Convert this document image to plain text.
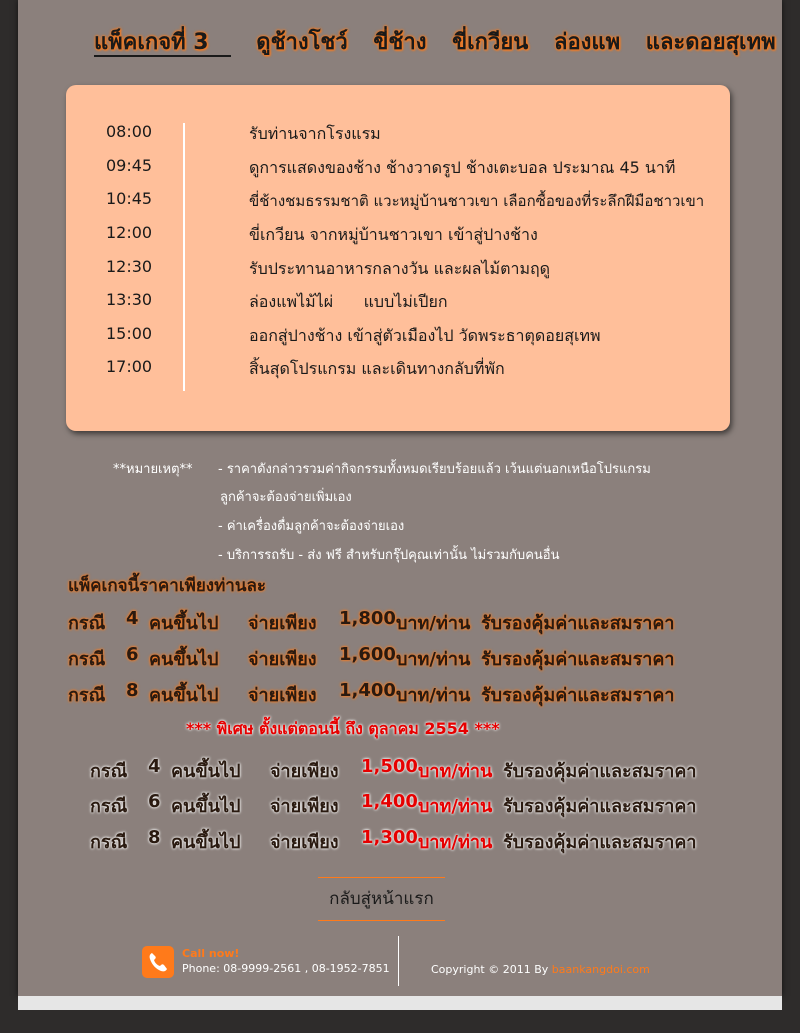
แพ็คเกจที่ 3 ดูช้างโชว์ ขี่ช้าง ขี่เกวียน ล่องแพ และดอยสุเทพ
08:00	รับท่านจากโรงแรม
09:45	ดูการแสดงของช้าง ช้างวาดรูป ช้างเตะบอล ประมาณ 45 นาที
10:45	ขี่ช้างชมธรรมชาติ แวะหมู่บ้านชาวเขา เลือกซื้อของที่ระลึกฝีมือชาวเขา
12:00	ขี่เกวียน จากหมู่บ้านชาวเขา เข้าสู่ปางช้าง
12:30	รับประทานอาหารกลางวัน และผลไม้ตามฤดู
13:30	ล่องแพไม้ไผ่      แบบไม่เปียก
15:00	ออกสู่ปางช้าง เข้าสู่ตัวเมืองไป วัดพระธาตุดอยสุเทพ
17:00	สิ้นสุดโปรแกรม และเดินทางกลับที่พัก
**หมายเหตุ** - ราคาดังกล่าวรวมค่ากิจกรรมทั้งหมดเรียบร้อยแล้ว เว้นแต่นอกเหนือโปรแกรม
ลูกค้าจะต้องจ่ายเพิ่มเอง
- ค่าเครื่องดื่มลูกค้าจะต้องจ่ายเอง
- บริการรถรับ - ส่ง ฟรี สำหรับกรุ๊ปคุณเท่านั้น ไม่รวมกับคนอื่น
แพ็คเกจนี้ราคาเพียงท่านละ
กรณี 4 คนขึ้นไป จ่ายเพียง 1,800 บาท/ท่าน รับรองคุ้มค่าและสมราคา
กรณี 6 คนขึ้นไป จ่ายเพียง 1,600 บาท/ท่าน รับรองคุ้มค่าและสมราคา
กรณี 8 คนขึ้นไป จ่ายเพียง 1,400 บาท/ท่าน รับรองคุ้มค่าและสมราคา
*** พิเศษ ตั้งแต่ตอนนี้ ถึง ตุลาคม 2554 ***
กรณี 4 คนขึ้นไป จ่ายเพียง 1,500 บาท/ท่าน รับรองคุ้มค่าและสมราคา
กรณี 6 คนขึ้นไป จ่ายเพียง 1,400 บาท/ท่าน รับรองคุ้มค่าและสมราคา
กรณี 8 คนขึ้นไป จ่ายเพียง 1,300 บาท/ท่าน รับรองคุ้มค่าและสมราคา
กลับสู่หน้าแรก
Call now!
Phone: 08-9999-2561 , 08-1952-7851	Copyright © 2011 By baankangdoi.com
